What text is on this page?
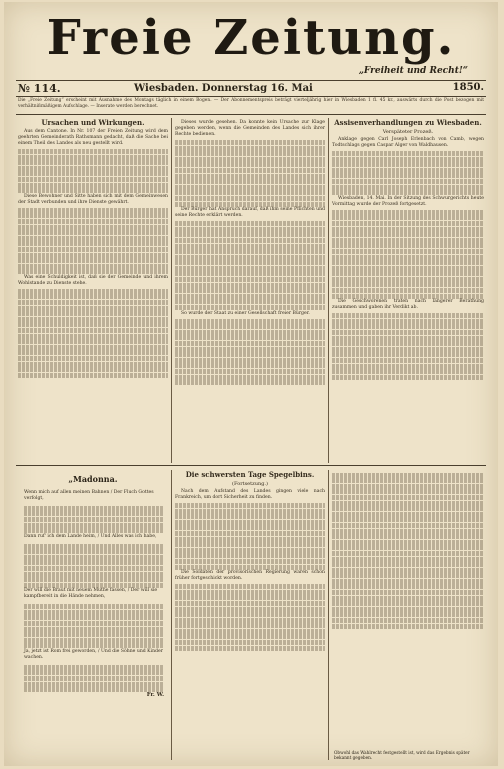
Freie Zeitung.
„Freiheit und Recht!“
№ 114.	Wiesbaden. Donnerstag 16. Mai	1850.
Die „Freie Zeitung“ erscheint mit Ausnahme des Montags täglich in einem Bogen. — Der Abonnementspreis beträgt vierteljährig hier in Wiesbaden 1 fl. 45 kr., auswärts durch die Post bezogen mit verhältnißmäßigem Aufschlage. — Inserate werden berechnet.
Ursachen und Wirkungen.

Aus dem Cantone. In Nr. 107 der Freien Zeitung wird dem geehrten Gemeinderath Rathsmann gedacht, daß die Sache bei einem Theil des Landes als neu gestellt wird.

Diese Bewohner und Sitte haben sich mit dem Gemeinwesen der Stadt verbunden und ihre Dienste gewährt.

Was eine Schuldigkeit ist, daß sie der Gemeinde und ihrem Wohlstande zu Dienste stehe.

Dieses wurde gesehen. Da konnte kein Ursache zur Klage gegeben werden, wenn die Gemeinden des Landes sich ihrer Rechte bedienen.

Der Bürger hat Anspruch darauf, daß ihm seine Pflichten und seine Rechte erklärt werden.

So wurde der Staat zu einer Gesellschaft freier Bürger.

Assisenverhandlungen zu Wiesbaden.
Verspäteter Prozeß.

Anklage gegen Carl Joseph Erlenbach von Camb, wegen Todtschlags gegen Caspar Alger von Waldhausen.

Wiesbaden, 14. Mai. In der Sitzung des Schwurgerichts heute Vormittag wurde der Prozeß fortgesetzt.

Die Geschworenen traten nach längerer Berathung zusammen und gaben ihr Verdikt ab.

„Madonna.
Wenn mich auf allen meinen Bahnen / Der Fluch Gottes verfolgt,
Dann ruf' ich dem Lande heim, / Und Alles was ich habe,
Der will die Braut mit neuem Muthe fassen, / Der will sie kampfbereit in die Hände nehmen,
Ja, jetzt ist Rom frei geworden, / Und die Söhne und Kinder wachen.
Fr. W.
Die schwersten Tage Spegelbins.
(Fortsetzung.)

Nach dem Aufstand des Landes gingen viele nach Frankreich, um dort Sicherheit zu finden.

Die Soldaten der provisorischen Regierung waren schon früher fortgeschickt worden.

Obwohl das Wahlrecht festgestellt ist, wird das Ergebnis später bekannt gegeben.
